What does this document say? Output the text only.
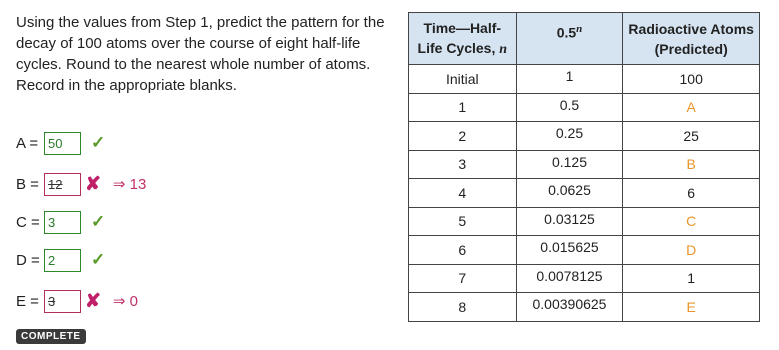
Using the values from Step 1, predict the pattern for the decay of 100 atoms over the course of eight half-life cycles. Round to the nearest whole number of atoms. Record in the appropriate blanks.
A = 50	✓
B = 12	✘ ⇒ 13
C = 3	✓
D = 2	✓
E = 3	✘ ⇒ 0
COMPLETE
Time—Half-
Life Cycles, n	0.5$^n$	Radioactive Atoms
(Predicted)
Initial	1	100
1	0.5	A
2	0.25	25
3	0.125	B
4	0.0625	6
5	0.03125	C
6	0.015625	D
7	0.0078125	1
8	0.00390625	E
